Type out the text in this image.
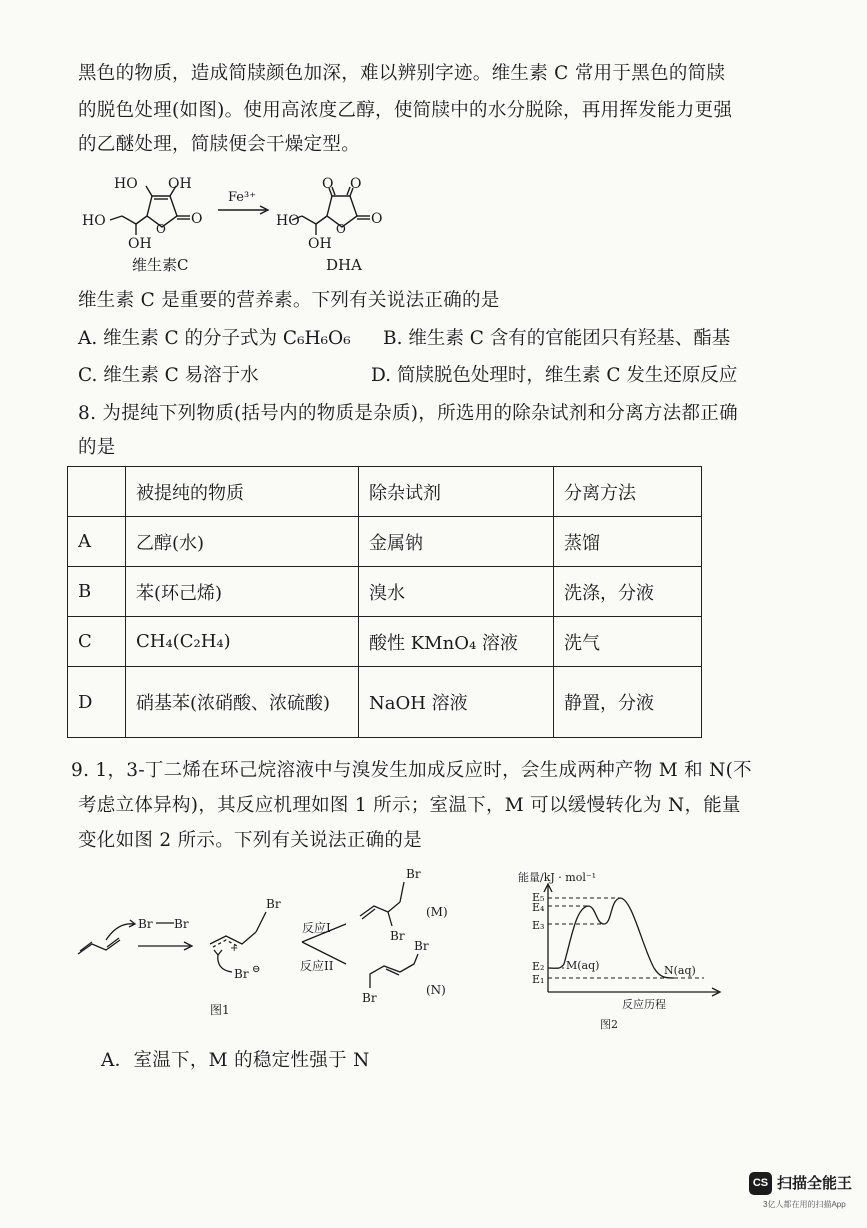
黑色的物质，造成简牍颜色加深，难以辨别字迹。维生素 C 常用于黑色的简牍
的脱色处理(如图)。使用高浓度乙醇，使简牍中的水分脱除，再用挥发能力更强
的乙醚处理，简牍便会干燥定型。
HO OH
HO
OH
O
O
Fe³⁺
O O
HO
OH
O
O
维生素C	DHA
维生素 C 是重要的营养素。下列有关说法正确的是
A. 维生素 C 的分子式为 C₆H₆O₆ B. 维生素 C 含有的官能团只有羟基、酯基
C. 维生素 C 易溶于水	D. 简牍脱色处理时，维生素 C 发生还原反应
8. 为提纯下列物质(括号内的物质是杂质)，所选用的除杂试剂和分离方法都正确
的是
	被提纯的物质	除杂试剂	分离方法
A	乙醇(水)	金属钠	蒸馏
B	苯(环己烯)	溴水	洗涤，分液
C	CH₄(C₂H₄)	酸性 KMnO₄ 溶液	洗气
D	硝基苯(浓硝酸、浓硫酸)	NaOH 溶液	静置，分液
9. 1，3-丁二烯在环己烷溶液中与溴发生加成反应时，会生成两种产物 M 和 N(不
考虑立体异构)，其反应机理如图 1 所示；室温下，M 可以缓慢转化为 N，能量
变化如图 2 所示。下列有关说法正确的是
Br Br
Br
+
Br ⊖
反应I
反应II
Br
Br
(M)
Br
Br
(N)
图1
能量/kJ · mol⁻¹
E₅
E₄
E₃
E₂
E₁
M(aq)	N(aq)
反应历程
图2
A．室温下，M 的稳定性强于 N
CS 扫描全能王
3亿人都在用的扫描App
